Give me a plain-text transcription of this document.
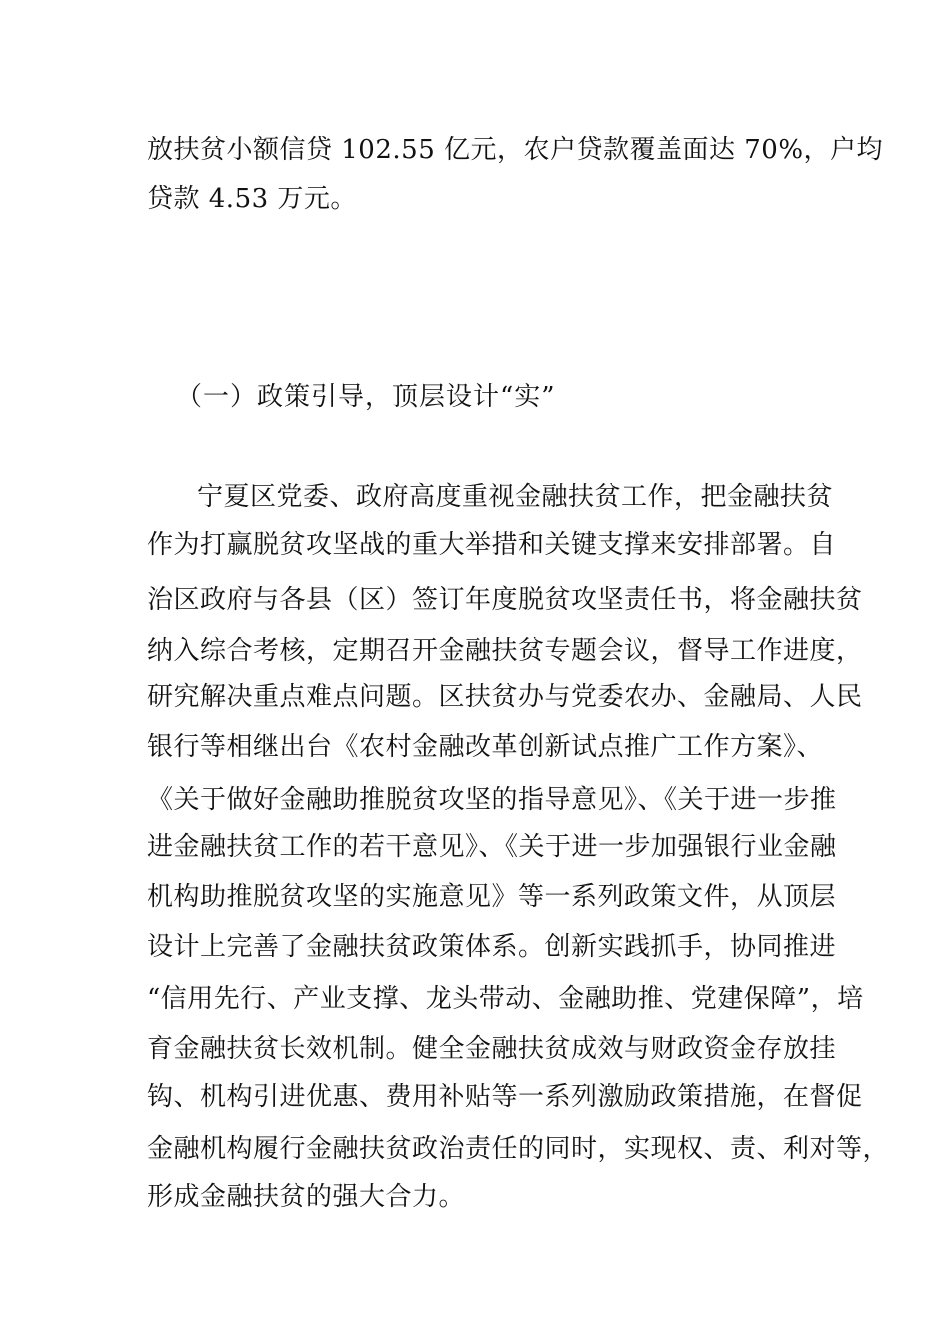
放扶贫小额信贷 102.55 亿元，农户贷款覆盖面达 70%，户均
贷款 4.53 万元。
（一）政策引导，顶层设计“实”
宁夏区党委、政府高度重视金融扶贫工作，把金融扶贫
作为打赢脱贫攻坚战的重大举措和关键支撑来安排部署。自
治区政府与各县（区）签订年度脱贫攻坚责任书，将金融扶贫
纳入综合考核，定期召开金融扶贫专题会议，督导工作进度，
研究解决重点难点问题。区扶贫办与党委农办、金融局、人民
银行等相继出台《农村金融改革创新试点推广工作方案》、
《关于做好金融助推脱贫攻坚的指导意见》、《关于进一步推
进金融扶贫工作的若干意见》、《关于进一步加强银行业金融
机构助推脱贫攻坚的实施意见》等一系列政策文件，从顶层
设计上完善了金融扶贫政策体系。创新实践抓手，协同推进
“信用先行、产业支撑、龙头带动、金融助推、党建保障”，培
育金融扶贫长效机制。健全金融扶贫成效与财政资金存放挂
钩、机构引进优惠、费用补贴等一系列激励政策措施，在督促
金融机构履行金融扶贫政治责任的同时，实现权、责、利对等，
形成金融扶贫的强大合力。
